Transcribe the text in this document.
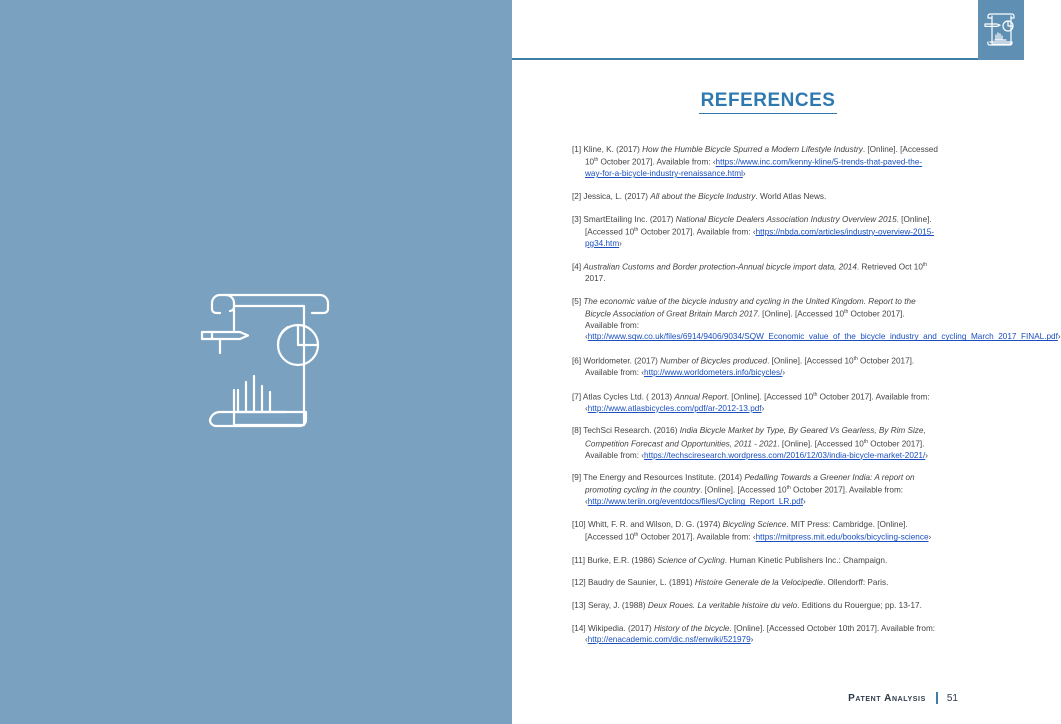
REFERENCES
[1] Kline, K. (2017) How the Humble Bicycle Spurred a Modern Lifestyle Industry. [Online]. [Accessed 10th October 2017]. Available from: ‹https://www.inc.com/kenny-kline/5-trends-that-paved-the-way-for-a-bicycle-industry-renaissance.html›
[2] Jessica, L. (2017) All about the Bicycle Industry. World Atlas News.
[3] SmartEtailing Inc. (2017) National Bicycle Dealers Association Industry Overview 2015. [Online]. [Accessed 10th October 2017]. Available from: ‹https://nbda.com/articles/industry-overview-2015-pg34.htm›
[4] Australian Customs and Border protection-Annual bicycle import data, 2014. Retrieved Oct 10th 2017.
[5] The economic value of the bicycle industry and cycling in the United Kingdom. Report to the Bicycle Association of Great Britain March 2017. [Online]. [Accessed 10th October 2017]. Available from: ‹http://www.sqw.co.uk/files/6914/9406/9034/SQW_Economic_value_of_the_bicycle_industry_and_cycling_March_2017_FINAL.pdf›
[6] Worldometer. (2017) Number of Bicycles produced. [Online]. [Accessed 10th October 2017]. Available from: ‹http://www.worldometers.info/bicycles/›
[7] Atlas Cycles Ltd. ( 2013) Annual Report. [Online]. [Accessed 10th October 2017]. Available from: ‹http://www.atlasbicycles.com/pdf/ar-2012-13.pdf›
[8] TechSci Research. (2016) India Bicycle Market by Type, By Geared Vs Gearless, By Rim Size, Competition Forecast and Opportunities, 2011 - 2021. [Online]. [Accessed 10th October 2017]. Available from: ‹https://techsciresearch.wordpress.com/2016/12/03/india-bicycle-market-2021/›
[9] The Energy and Resources Institute. (2014) Pedalling Towards a Greener India: A report on promoting cycling in the country. [Online]. [Accessed 10th October 2017]. Available from: ‹http://www.teriin.org/eventdocs/files/Cycling_Report_LR.pdf›
[10] Whitt, F. R. and Wilson, D. G. (1974) Bicycling Science. MIT Press: Cambridge. [Online]. [Accessed 10th October 2017]. Available from: ‹https://mitpress.mit.edu/books/bicycling-science›
[11] Burke, E.R. (1986) Science of Cycling. Human Kinetic Publishers Inc.: Champaign.
[12] Baudry de Saunier, L. (1891) Histoire Generale de la Velocipedie. Ollendorff: Paris.
[13] Seray, J. (1988) Deux Roues. La veritable histoire du velo. Editions du Rouergue; pp. 13-17.
[14] Wikipedia. (2017) History of the bicycle. [Online]. [Accessed October 10th 2017]. Available from: ‹http://enacademic.com/dic.nsf/enwiki/521979›
Patent Analysis 51
